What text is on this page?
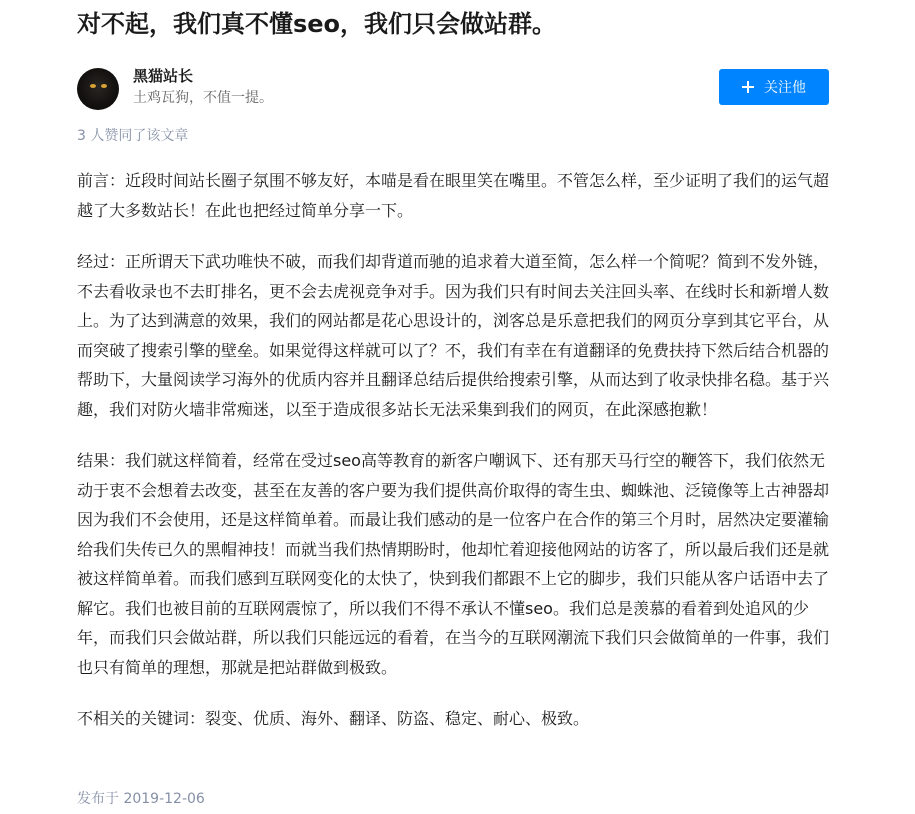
对不起，我们真不懂seo，我们只会做站群。
黑猫站长
土鸡瓦狗，不值一提。
关注他
3 人赞同了该文章

前言：近段时间站长圈子氛围不够友好，本喵是看在眼里笑在嘴里。不管怎么样，至少证明了我们的运气超越了大多数站长！在此也把经过简单分享一下。

经过：正所谓天下武功唯快不破，而我们却背道而驰的追求着大道至简，怎么样一个简呢？简到不发外链，不去看收录也不去盯排名，更不会去虎视竞争对手。因为我们只有时间去关注回头率、在线时长和新增人数上。为了达到满意的效果，我们的网站都是花心思设计的，浏客总是乐意把我们的网页分享到其它平台，从而突破了搜索引擎的壁垒。如果觉得这样就可以了？不，我们有幸在有道翻译的免费扶持下然后结合机器的帮助下，大量阅读学习海外的优质内容并且翻译总结后提供给搜索引擎，从而达到了收录快排名稳。基于兴趣，我们对防火墙非常痴迷，以至于造成很多站长无法采集到我们的网页，在此深感抱歉！

结果：我们就这样简着，经常在受过seo高等教育的新客户嘲讽下、还有那天马行空的鞭答下，我们依然无动于衷不会想着去改变，甚至在友善的客户要为我们提供高价取得的寄生虫、蜘蛛池、泛镜像等上古神器却因为我们不会使用，还是这样简单着。而最让我们感动的是一位客户在合作的第三个月时，居然决定要灌输给我们失传已久的黑帽神技！而就当我们热情期盼时，他却忙着迎接他网站的访客了，所以最后我们还是就被这样简单着。而我们感到互联网变化的太快了，快到我们都跟不上它的脚步，我们只能从客户话语中去了解它。我们也被目前的互联网震惊了，所以我们不得不承认不懂seo。我们总是羡慕的看着到处追风的少年，而我们只会做站群，所以我们只能远远的看着，在当今的互联网潮流下我们只会做简单的一件事，我们也只有简单的理想，那就是把站群做到极致。

不相关的关键词：裂变、优质、海外、翻译、防盗、稳定、耐心、极致。

发布于 2019-12-06
